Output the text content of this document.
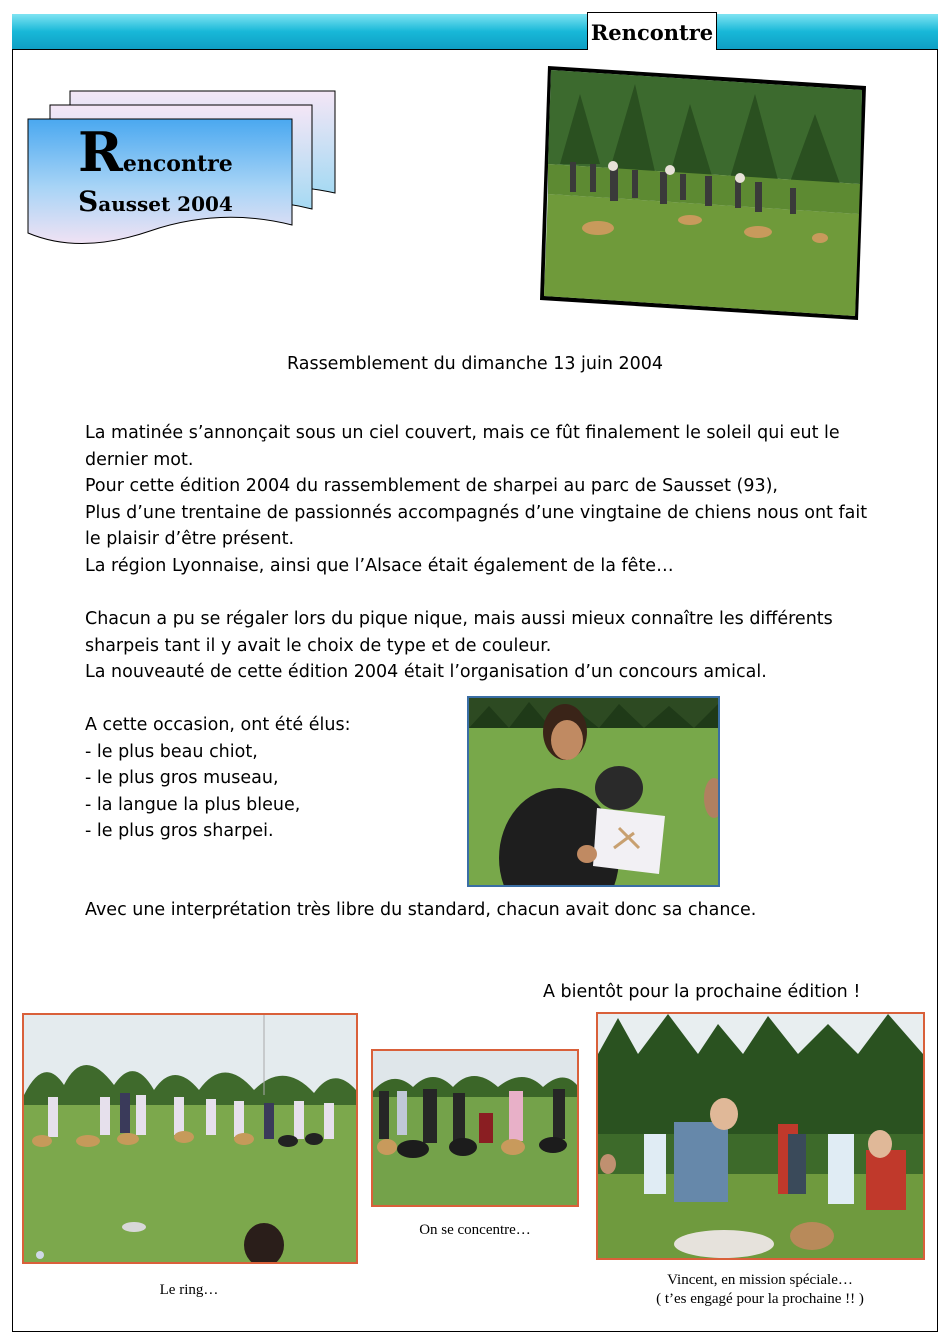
Rencontre
Rencontre
Sausset 2004
Rassemblement du dimanche 13 juin 2004

La matinée s’annonçait sous un ciel couvert, mais ce fût finalement le soleil qui eut le

dernier mot.

Pour cette édition 2004 du rassemblement de sharpei au parc de Sausset (93),

Plus d’une trentaine de passionnés accompagnés d’une vingtaine de chiens nous ont fait

le plaisir d’être présent.

La région Lyonnaise, ainsi que l’Alsace était également de la fête…

Chacun a pu se régaler lors du pique nique, mais aussi mieux connaître les différents

sharpeis tant il y avait le choix de type et de couleur.

La nouveauté de cette édition 2004 était l’organisation d’un concours amical.

A cette occasion, ont été élus:
- le plus beau chiot,
- le plus gros museau,
- la langue la plus bleue,
- le plus gros sharpei.
Avec une interprétation très libre du standard, chacun avait donc sa chance.
A bientôt pour la prochaine édition !
Le ring…
On se concentre…
Vincent, en mission spéciale…
( t’es engagé pour la prochaine !! )
